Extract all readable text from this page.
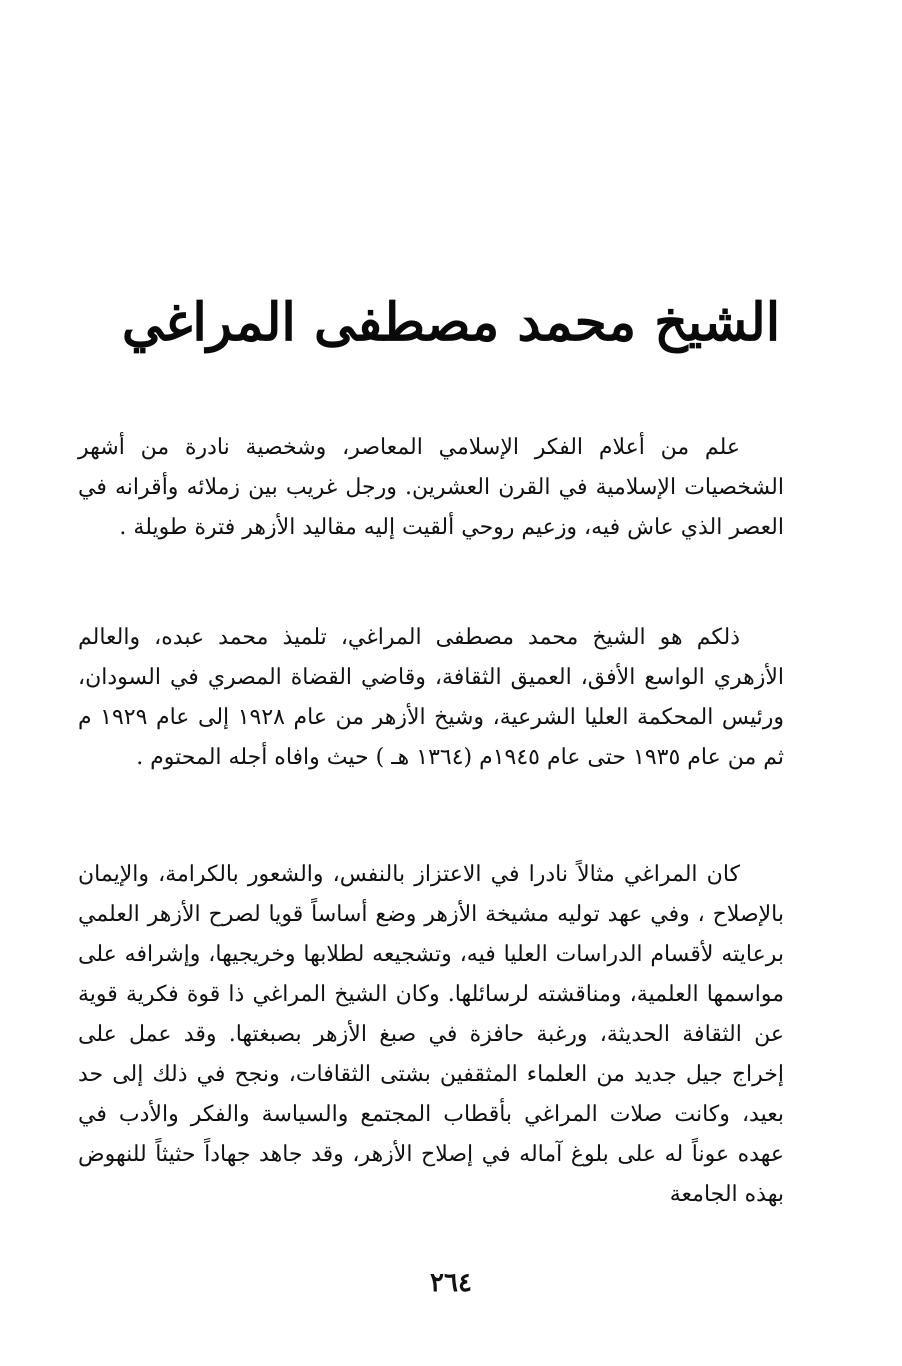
الشيخ محمد مصطفى المراغي

علم من أعلام الفكر الإسلامي المعاصر، وشخصية نادرة من أشهر الشخصيات الإسلامية في القرن العشرين. ورجل غريب بين زملائه وأقرانه في العصر الذي عاش فيه، وزعيم روحي ألقيت إليه مقاليد الأزهر فترة طويلة .

ذلكم هو الشيخ محمد مصطفى المراغي، تلميذ محمد عبده، والعالم الأزهري الواسع الأفق، العميق الثقافة، وقاضي القضاة المصري في السودان، ورئيس المحكمة العليا الشرعية، وشيخ الأزهر من عام ١٩٢٨ إلى عام ١٩٢٩ م ثم من عام ١٩٣٥ حتى عام ١٩٤٥م (١٣٦٤ هـ ) حيث وافاه أجله المحتوم .

كان المراغي مثالاً نادرا في الاعتزاز بالنفس، والشعور بالكرامة، والإيمان بالإصلاح ، وفي عهد توليه مشيخة الأزهر وضع أساساً قويا لصرح الأزهر العلمي برعايته لأقسام الدراسات العليا فيه، وتشجيعه لطلابها وخريجيها، وإشرافه على مواسمها العلمية، ومناقشته لرسائلها. وكان الشيخ المراغي ذا قوة فكرية قوية عن الثقافة الحديثة، ورغبة حافزة في صبغ الأزهر بصبغتها. وقد عمل على إخراج جيل جديد من العلماء المثقفين بشتى الثقافات، ونجح في ذلك إلى حد بعيد، وكانت صلات المراغي بأقطاب المجتمع والسياسة والفكر والأدب في عهده عوناً له على بلوغ آماله في إصلاح الأزهر، وقد جاهد جهاداً حثيثاً للنهوض بهذه الجامعة

٢٦٤
